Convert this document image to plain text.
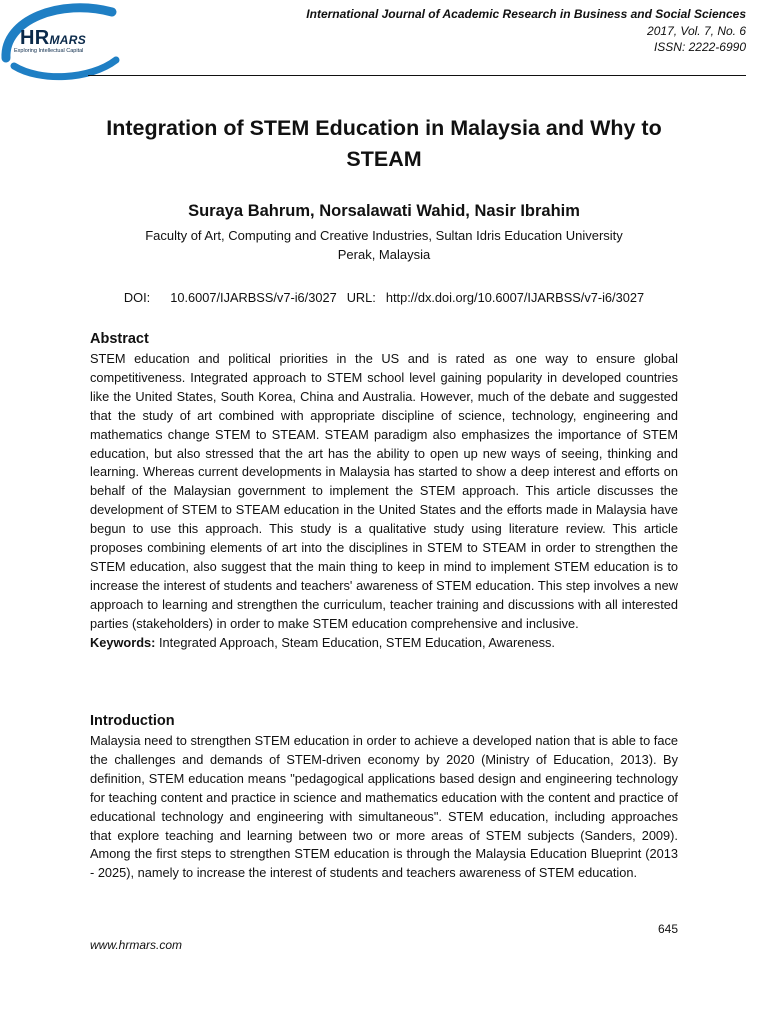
HRMARS
Exploring Intellectual Capital
International Journal of Academic Research in Business and Social Sciences
2017, Vol. 7, No. 6
ISSN: 2222-6990
Integration of STEM Education in Malaysia and Why to STEAM
Suraya Bahrum, Norsalawati Wahid, Nasir Ibrahim
Faculty of Art, Computing and Creative Industries, Sultan Idris Education University
Perak, Malaysia
DOI: 10.6007/IJARBSS/v7-i6/3027 URL: http://dx.doi.org/10.6007/IJARBSS/v7-i6/3027
Abstract
STEM education and political priorities in the US and is rated as one way to ensure global competitiveness. Integrated approach to STEM school level gaining popularity in developed countries like the United States, South Korea, China and Australia. However, much of the debate and suggested that the study of art combined with appropriate discipline of science, technology, engineering and mathematics change STEM to STEAM. STEAM paradigm also emphasizes the importance of STEM education, but also stressed that the art has the ability to open up new ways of seeing, thinking and learning. Whereas current developments in Malaysia has started to show a deep interest and efforts on behalf of the Malaysian government to implement the STEM approach. This article discusses the development of STEM to STEAM education in the United States and the efforts made in Malaysia have begun to use this approach. This study is a qualitative study using literature review. This article proposes combining elements of art into the disciplines in STEM to STEAM in order to strengthen the STEM education, also suggest that the main thing to keep in mind to implement STEM education is to increase the interest of students and teachers' awareness of STEM education. This step involves a new approach to learning and strengthen the curriculum, teacher training and discussions with all interested parties (stakeholders) in order to make STEM education comprehensive and inclusive.
Keywords: Integrated Approach, Steam Education, STEM Education, Awareness.
Introduction
Malaysia need to strengthen STEM education in order to achieve a developed nation that is able to face the challenges and demands of STEM-driven economy by 2020 (Ministry of Education, 2013). By definition, STEM education means "pedagogical applications based design and engineering technology for teaching content and practice in science and mathematics education with the content and practice of educational technology and engineering with simultaneous". STEM education, including approaches that explore teaching and learning between two or more areas of STEM subjects (Sanders, 2009). Among the first steps to strengthen STEM education is through the Malaysia Education Blueprint (2013 - 2025), namely to increase the interest of students and teachers awareness of STEM education.
645
www.hrmars.com
